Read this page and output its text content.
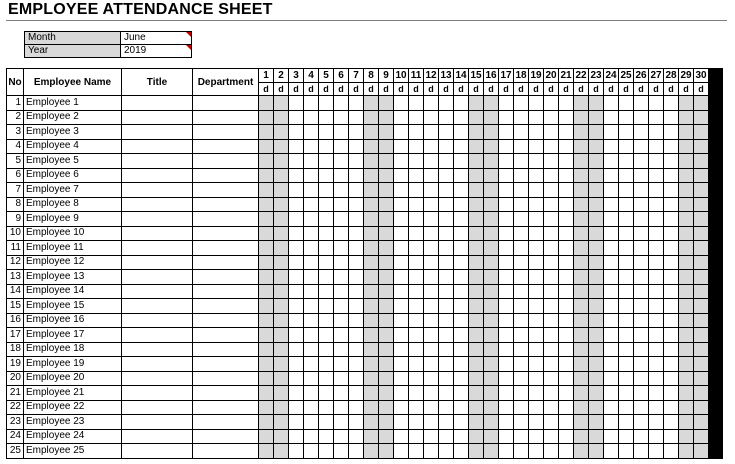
EMPLOYEE ATTENDANCE SHEET
Month	June

Year	2019
No	Employee Name	Title	Department	1	2	3	4	5	6	7	8	9	10	11	12	13	14	15	16	17	18	19	20	21	22	23	24	25	26	27	28	29	30	
				d	d	d	d	d	d	d	d	d	d	d	d	d	d	d	d	d	d	d	d	d	d	d	d	d	d	d	d	d	d	
1	Employee 1																																	
2	Employee 2																																	
3	Employee 3																																	
4	Employee 4																																	
5	Employee 5																																	
6	Employee 6																																	
7	Employee 7																																	
8	Employee 8																																	
9	Employee 9																																	
10	Employee 10																																	
11	Employee 11																																	
12	Employee 12																																	
13	Employee 13																																	
14	Employee 14																																	
15	Employee 15																																	
16	Employee 16																																	
17	Employee 17																																	
18	Employee 18																																	
19	Employee 19																																	
20	Employee 20																																	
21	Employee 21																																	
22	Employee 22																																	
23	Employee 23																																	
24	Employee 24																																	
25	Employee 25																																	
